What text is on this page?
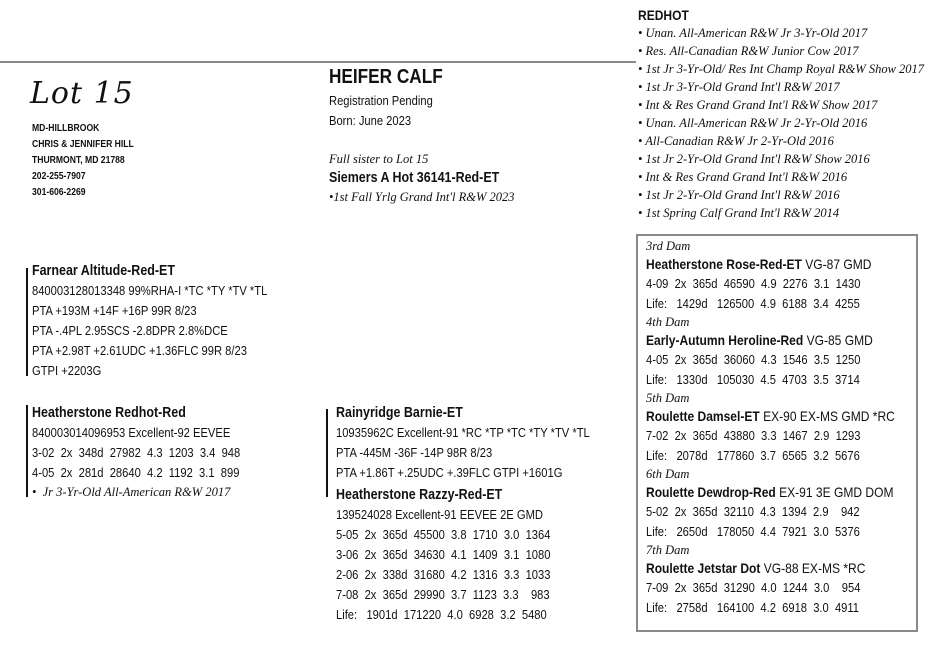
Lot 15
MD-HILLBROOK
CHRIS & JENNIFER HILL
THURMONT, MD 21788
202-255-7907
301-606-2269
HEIFER CALF
Registration Pending
Born: June 2023
Full sister to Lot 15
Siemers A Hot 36141-Red-ET
•1st Fall Yrlg Grand Int'l R&W 2023
Farnear Altitude-Red-ET
840003128013348 99%RHA-I *TC *TY *TV *TL
PTA +193M +14F +16P 99R 8/23
PTA -.4PL 2.95SCS -2.8DPR 2.8%DCE
PTA +2.98T +2.61UDC +1.36FLC 99R 8/23
GTPI +2203G
Heatherstone Redhot-Red
840003014096953 Excellent-92 EEVEE
3-02  2x  348d  27982  4.3  1203  3.4  948
4-05  2x  281d  28640  4.2  1192  3.1  899
•  Jr 3-Yr-Old All-American R&W 2017
Rainyridge Barnie-ET
10935962C Excellent-91 *RC *TP *TC *TY *TV *TL
PTA -445M -36F -14P 98R 8/23
PTA +1.86T +.25UDC +.39FLC GTPI +1601G
Heatherstone Razzy-Red-ET
139524028 Excellent-91 EEVEE 2E GMD
5-05  2x  365d  45500  3.8  1710  3.0  1364
3-06  2x  365d  34630  4.1  1409  3.1  1080
2-06  2x  338d  31680  4.2  1316  3.3  1033
7-08  2x  365d  29990  3.7  1123  3.3    983
Life:   1901d  171220  4.0  6928  3.2  5480
REDHOT
• Unan. All-American R&W Jr 3-Yr-Old 2017
• Res. All-Canadian R&W Junior Cow 2017
• 1st Jr 3-Yr-Old/ Res Int Champ Royal R&W Show 2017
• 1st Jr 3-Yr-Old Grand Int'l R&W 2017
• Int & Res Grand Grand Int'l R&W Show 2017
• Unan. All-American R&W Jr 2-Yr-Old 2016
• All-Canadian R&W Jr 2-Yr-Old 2016
• 1st Jr 2-Yr-Old Grand Int'l R&W Show 2016
• Int & Res Grand Grand Int'l R&W 2016
• 1st Jr 2-Yr-Old Grand Int'l R&W 2016
• 1st Spring Calf Grand Int'l R&W 2014
3rd Dam
Heatherstone Rose-Red-ET VG-87 GMD
4-09  2x  365d  46590  4.9  2276  3.1  1430
Life:   1429d   126500  4.9  6188  3.4  4255
4th Dam
Early-Autumn Heroline-Red VG-85 GMD
4-05  2x  365d  36060  4.3  1546  3.5  1250
Life:   1330d   105030  4.5  4703  3.5  3714
5th Dam
Roulette Damsel-ET EX-90 EX-MS GMD *RC
7-02  2x  365d  43880  3.3  1467  2.9  1293
Life:   2078d   177860  3.7  6565  3.2  5676
6th Dam
Roulette Dewdrop-Red EX-91 3E GMD DOM
5-02  2x  365d  32110  4.3  1394  2.9    942
Life:   2650d   178050  4.4  7921  3.0  5376
7th Dam
Roulette Jetstar Dot VG-88 EX-MS *RC
7-09  2x  365d  31290  4.0  1244  3.0    954
Life:   2758d   164100  4.2  6918  3.0  4911
